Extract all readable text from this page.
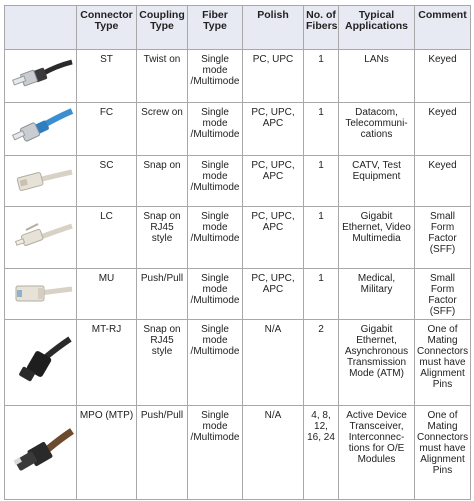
	Connector Type	Coupling Type	Fiber Type	Polish	No. of Fibers	Typical Applications	Comment

	ST	Twist on	Single mode /Multimode	PC, UPC	1	LANs	Keyed

	FC	Screw on	Single mode /Multimode	PC, UPC, APC	1	Datacom, Telecommuni-cations	Keyed

	SC	Snap on	Single mode /Multimode	PC, UPC, APC	1	CATV, Test Equipment	Keyed

	LC	Snap on RJ45 style	Single mode /Multimode	PC, UPC, APC	1	Gigabit Ethernet, Video Multimedia	Small Form Factor (SFF)

	MU	Push/Pull	Single mode /Multimode	PC, UPC, APC	1	Medical, Military	Small Form Factor (SFF)

	MT-RJ	Snap on RJ45 style	Single mode /Multimode	N/A	2	Gigabit Ethernet, Asynchronous Transmission Mode (ATM)	One of Mating Connectors must have Alignment Pins

	MPO (MTP)	Push/Pull	Single mode /Multimode	N/A	4, 8, 12, 16, 24	Active Device Transceiver, Interconnec-tions for O/E Modules	One of Mating Connectors must have Alignment Pins
